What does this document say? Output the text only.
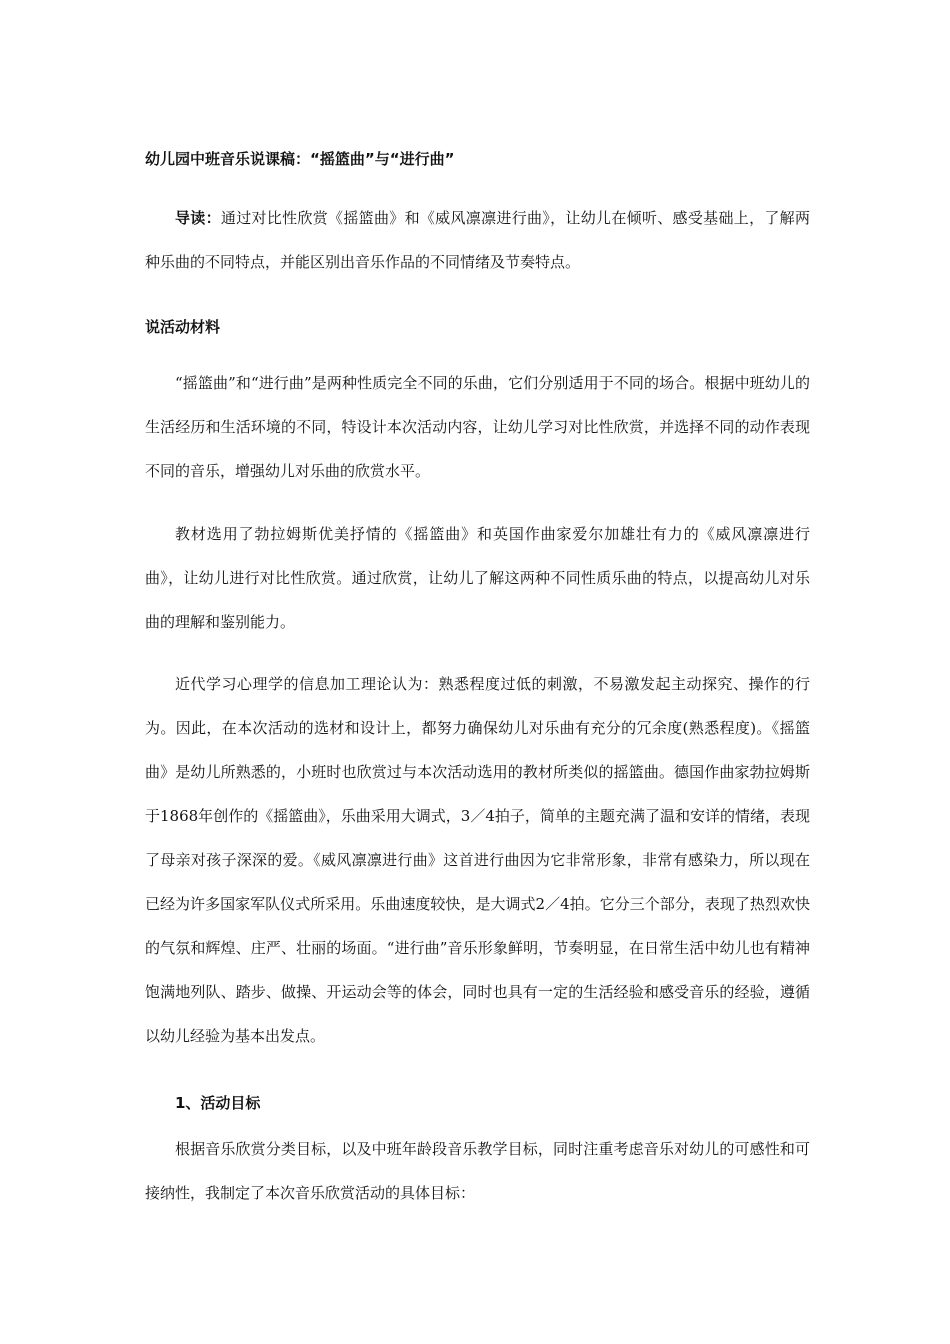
幼儿园中班音乐说课稿：“摇篮曲”与“进行曲”

导读：通过对比性欣赏《摇篮曲》和《威风凛凛进行曲》，让幼儿在倾听、感受基础上，了解两种乐曲的不同特点，并能区别出音乐作品的不同情绪及节奏特点。

说活动材料

“摇篮曲”和“进行曲”是两种性质完全不同的乐曲，它们分别适用于不同的场合。根据中班幼儿的生活经历和生活环境的不同，特设计本次活动内容，让幼儿学习对比性欣赏，并选择不同的动作表现不同的音乐，增强幼儿对乐曲的欣赏水平。

教材选用了勃拉姆斯优美抒情的《摇篮曲》和英国作曲家爱尔加雄壮有力的《威风凛凛进行曲》，让幼儿进行对比性欣赏。通过欣赏，让幼儿了解这两种不同性质乐曲的特点，以提高幼儿对乐曲的理解和鉴别能力。

近代学习心理学的信息加工理论认为：熟悉程度过低的刺激，不易激发起主动探究、操作的行为。因此，在本次活动的选材和设计上，都努力确保幼儿对乐曲有充分的冗余度(熟悉程度)。《摇篮曲》是幼儿所熟悉的，小班时也欣赏过与本次活动选用的教材所类似的摇篮曲。德国作曲家勃拉姆斯于1868年创作的《摇篮曲》，乐曲采用大调式，3／4拍子，简单的主题充满了温和安详的情绪，表现了母亲对孩子深深的爱。《威风凛凛进行曲》这首进行曲因为它非常形象，非常有感染力，所以现在已经为许多国家军队仪式所采用。乐曲速度较快，是大调式2／4拍。它分三个部分，表现了热烈欢快的气氛和辉煌、庄严、壮丽的场面。“进行曲”音乐形象鲜明，节奏明显，在日常生活中幼儿也有精神饱满地列队、踏步、做操、开运动会等的体会，同时也具有一定的生活经验和感受音乐的经验，遵循以幼儿经验为基本出发点。

1、活动目标

根据音乐欣赏分类目标，以及中班年龄段音乐教学目标，同时注重考虑音乐对幼儿的可感性和可接纳性，我制定了本次音乐欣赏活动的具体目标：
